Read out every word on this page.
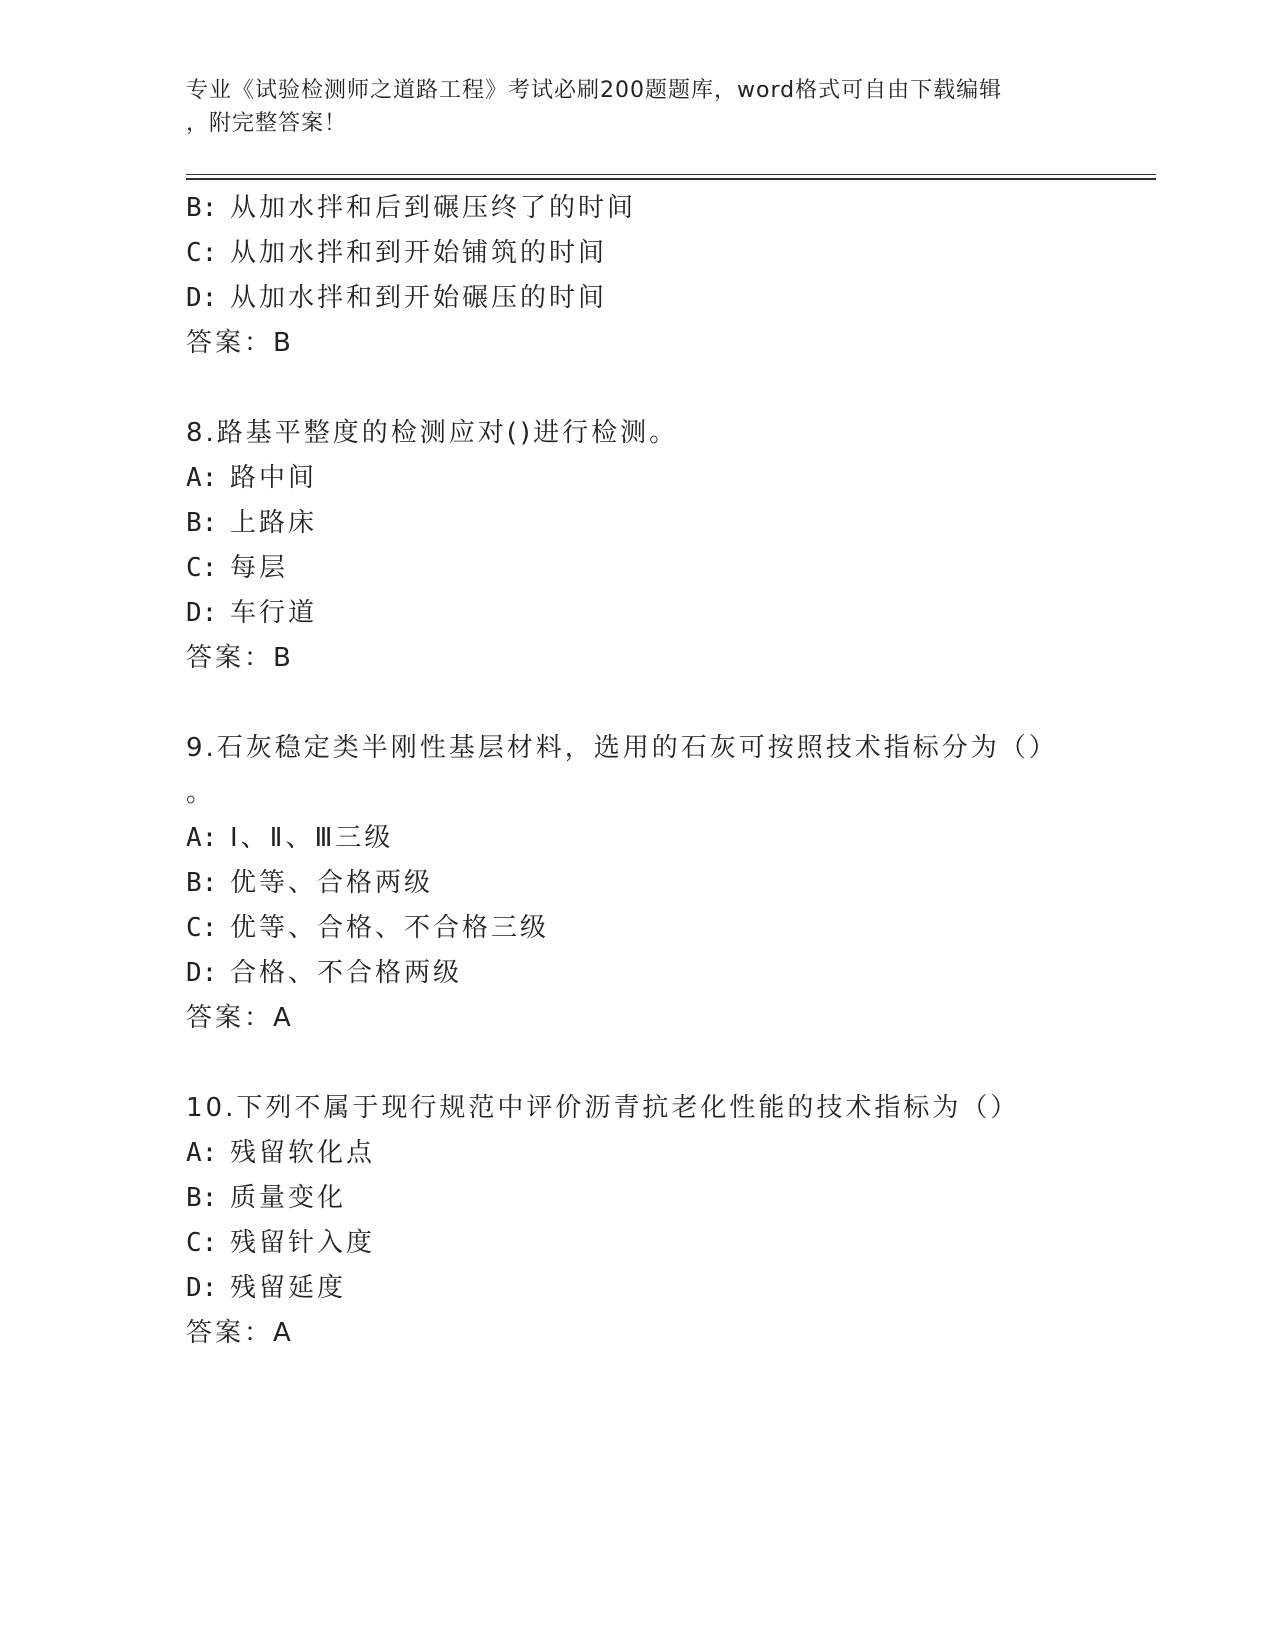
专业《试验检测师之道路工程》考试必刷200题题库，word格式可自由下载编辑
，附完整答案！
B: 从加水拌和后到碾压终了的时间
C: 从加水拌和到开始铺筑的时间
D: 从加水拌和到开始碾压的时间
答案：B
8.路基平整度的检测应对()进行检测。
A: 路中间
B: 上路床
C: 每层
D: 车行道
答案：B
9.石灰稳定类半刚性基层材料，选用的石灰可按照技术指标分为（）
。
A: Ⅰ、Ⅱ、Ⅲ三级
B: 优等、合格两级
C: 优等、合格、不合格三级
D: 合格、不合格两级
答案：A
10.下列不属于现行规范中评价沥青抗老化性能的技术指标为（）
A: 残留软化点
B: 质量变化
C: 残留针入度
D: 残留延度
答案：A
